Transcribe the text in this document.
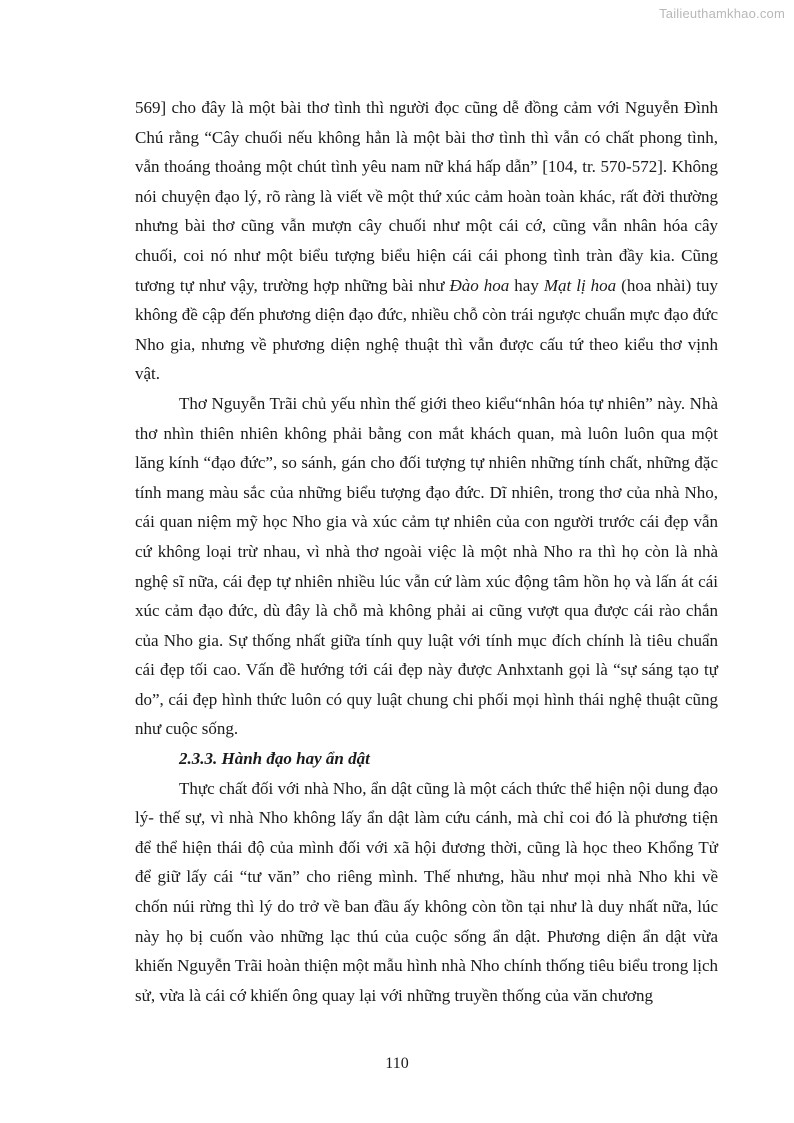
Tailieuthamkhao.com

569] cho đây là một bài thơ tình thì người đọc cũng dễ đồng cảm với Nguyễn Đình Chú rằng “Cây chuối nếu không hẳn là một bài thơ tình thì vẫn có chất phong tình, vẫn thoáng thoảng một chút tình yêu nam nữ khá hấp dẫn” [104, tr. 570-572]. Không nói chuyện đạo lý, rõ ràng là viết về một thứ xúc cảm hoàn toàn khác, rất đời thường nhưng bài thơ cũng vẫn mượn cây chuối như một cái cớ, cũng vẫn nhân hóa cây chuối, coi nó như một biểu tượng biểu hiện cái cái phong tình tràn đầy kia. Cũng tương tự như vậy, trường hợp những bài như Đào hoa hay Mạt lị hoa (hoa nhài) tuy không đề cập đến phương diện đạo đức, nhiều chỗ còn trái ngược chuẩn mực đạo đức Nho gia, nhưng về phương diện nghệ thuật thì vẫn được cấu tứ theo kiểu thơ vịnh vật.

Thơ Nguyễn Trãi chủ yếu nhìn thế giới theo kiểu“nhân hóa tự nhiên” này. Nhà thơ nhìn thiên nhiên không phải bằng con mắt khách quan, mà luôn luôn qua một lăng kính “đạo đức”, so sánh, gán cho đối tượng tự nhiên những tính chất, những đặc tính mang màu sắc của những biểu tượng đạo đức. Dĩ nhiên, trong thơ của nhà Nho, cái quan niệm mỹ học Nho gia và xúc cảm tự nhiên của con người trước cái đẹp vẫn cứ không loại trừ nhau, vì nhà thơ ngoài việc là một nhà Nho ra thì họ còn là nhà nghệ sĩ nữa, cái đẹp tự nhiên nhiều lúc vẫn cứ làm xúc động tâm hồn họ và lấn át cái xúc cảm đạo đức, dù đây là chỗ mà không phải ai cũng vượt qua được cái rào chắn của Nho gia. Sự thống nhất giữa tính quy luật với tính mục đích chính là tiêu chuẩn cái đẹp tối cao. Vấn đề hướng tới cái đẹp này được Anhxtanh gọi là “sự sáng tạo tự do”, cái đẹp hình thức luôn có quy luật chung chi phối mọi hình thái nghệ thuật cũng như cuộc sống.

2.3.3. Hành đạo hay ẩn dật

Thực chất đối với nhà Nho, ẩn dật cũng là một cách thức thể hiện nội dung đạo lý- thế sự, vì nhà Nho không lấy ẩn dật làm cứu cánh, mà chỉ coi đó là phương tiện để thể hiện thái độ của mình đối với xã hội đương thời, cũng là học theo Khổng Tử để giữ lấy cái “tư văn” cho riêng mình. Thế nhưng, hầu như mọi nhà Nho khi về chốn núi rừng thì lý do trở về ban đầu ấy không còn tồn tại như là duy nhất nữa, lúc này họ bị cuốn vào những lạc thú của cuộc sống ẩn dật. Phương diện ẩn dật vừa khiến Nguyễn Trãi hoàn thiện một mẫu hình nhà Nho chính thống tiêu biểu trong lịch sử, vừa là cái cớ khiến ông quay lại với những truyền thống của văn chương

110
